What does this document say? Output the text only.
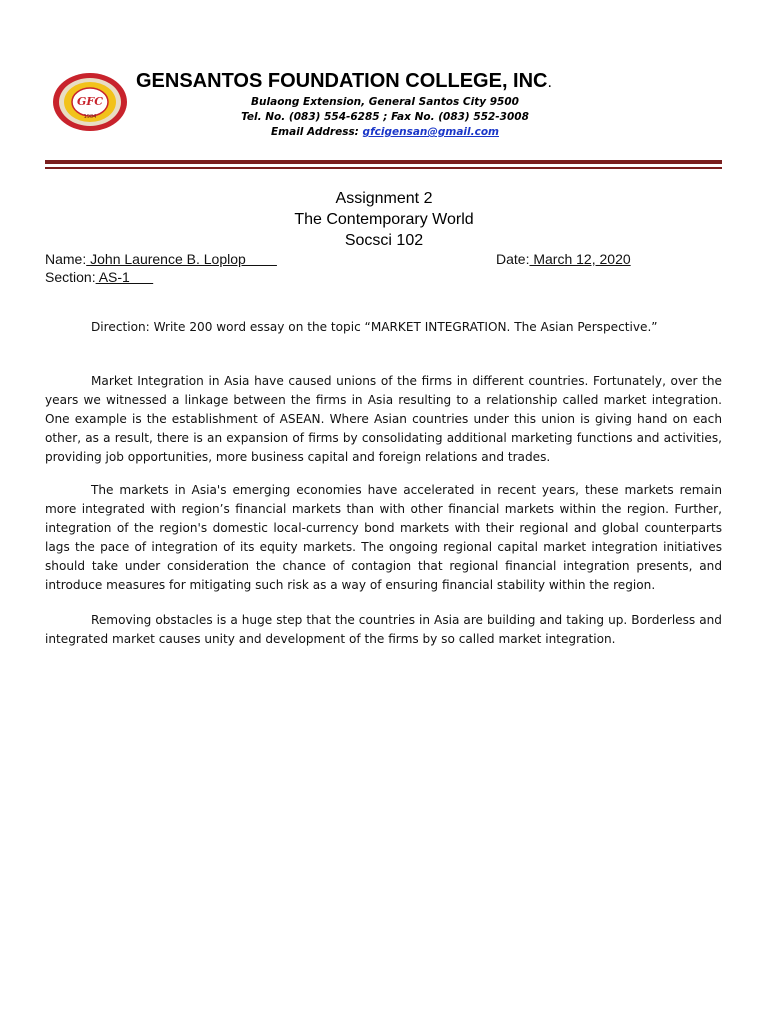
GFC
1984
GENSANTOS FOUNDATION COLLEGE, INC.
Bulaong Extension, General Santos City 9500
Tel. No. (083) 554-6285 ; Fax No. (083) 552-3008
Email Address: gfcigensan@gmail.com
Assignment 2
The Contemporary World
Socsci 102
Name: John Laurence B. Loplop	Date: March 12, 2020
Section: AS-1
Direction: Write 200 word essay on the topic “MARKET INTEGRATION. The Asian Perspective.”
Market Integration in Asia have caused unions of the firms in different countries. Fortunately, over the years we witnessed a linkage between the firms in Asia resulting to a relationship called market integration. One example is the establishment of ASEAN. Where Asian countries under this union is giving hand on each other, as a result, there is an expansion of firms by consolidating additional marketing functions and activities, providing job opportunities, more business capital and foreign relations and trades.
The markets in Asia's emerging economies have accelerated in recent years, these markets remain more integrated with region’s financial markets than with other financial markets within the region. Further, integration of the region's domestic local-currency bond markets with their regional and global counterparts lags the pace of integration of its equity markets. The ongoing regional capital market integration initiatives should take under consideration the chance of contagion that regional financial integration presents, and introduce measures for mitigating such risk as a way of ensuring financial stability within the region.
Removing obstacles is a huge step that the countries in Asia are building and taking up. Borderless and integrated market causes unity and development of the firms by so called market integration.
